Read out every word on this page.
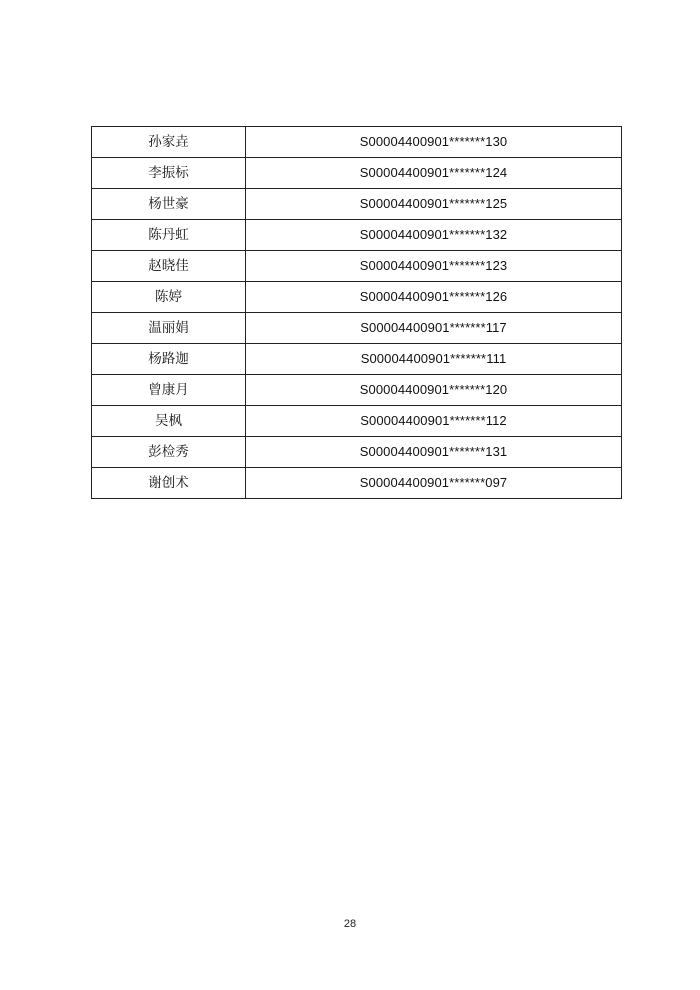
孙家垚	S00004400901*******130
李振标	S00004400901*******124
杨世豪	S00004400901*******125
陈丹虹	S00004400901*******132
赵晓佳	S00004400901*******123
陈婷	S00004400901*******126
温丽娟	S00004400901*******117
杨路迦	S00004400901*******111
曾康月	S00004400901*******120
吴枫	S00004400901*******112
彭检秀	S00004400901*******131
谢创术	S00004400901*******097
28
